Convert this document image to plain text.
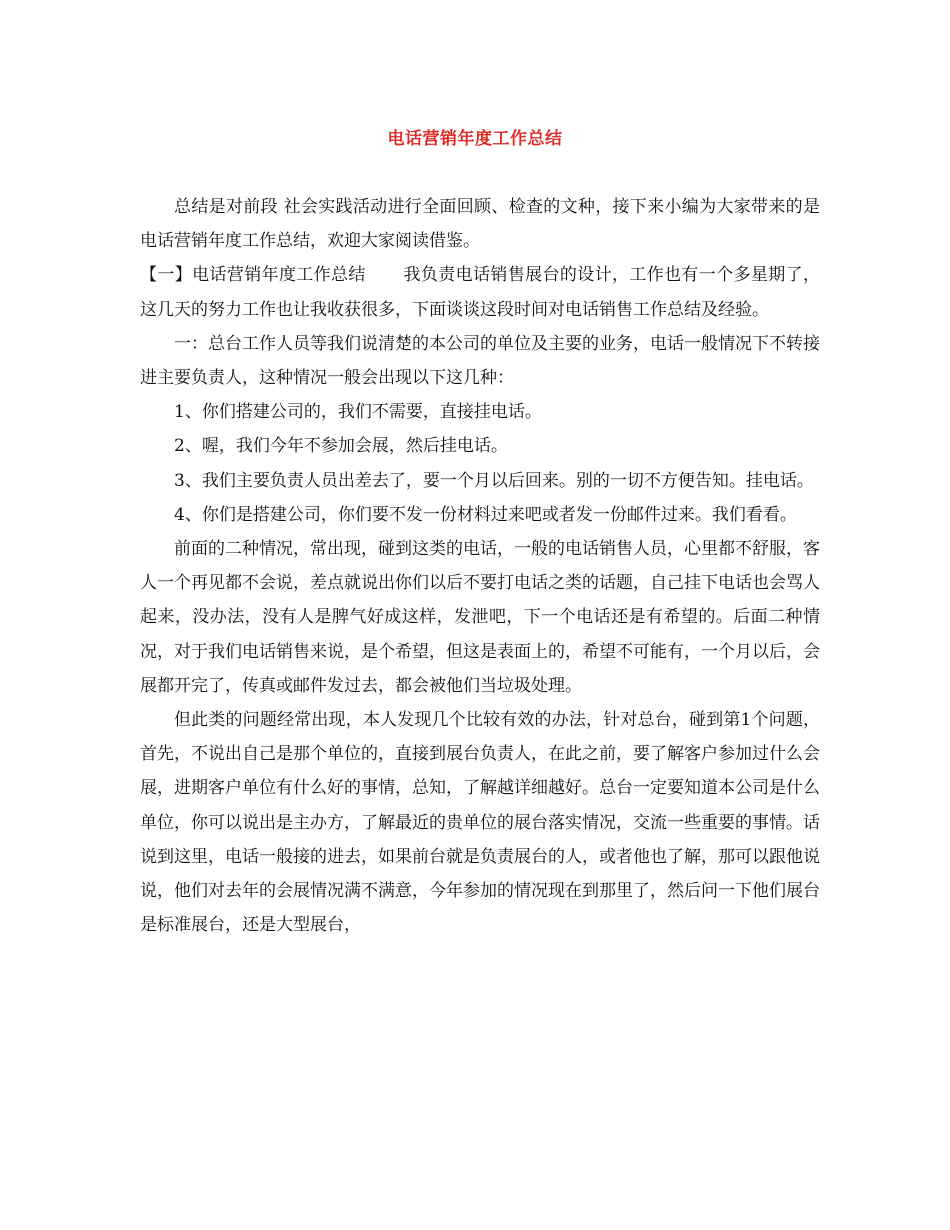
电话营销年度工作总结

总结是对前段 社会实践活动进行全面回顾、检查的文种，接下来小编为大家带来的是电话营销年度工作总结，欢迎大家阅读借鉴。

【一】电话营销年度工作总结 我负责电话销售展台的设计，工作也有一个多星期了，这几天的努力工作也让我收获很多，下面谈谈这段时间对电话销售工作总结及经验。

一：总台工作人员等我们说清楚的本公司的单位及主要的业务，电话一般情况下不转接进主要负责人，这种情况一般会出现以下这几种：

1、你们搭建公司的，我们不需要，直接挂电话。

2、喔，我们今年不参加会展，然后挂电话。

3、我们主要负责人员出差去了，要一个月以后回来。别的一切不方便告知。挂电话。

4、你们是搭建公司，你们要不发一份材料过来吧或者发一份邮件过来。我们看看。

前面的二种情况，常出现，碰到这类的电话，一般的电话销售人员，心里都不舒服，客人一个再见都不会说，差点就说出你们以后不要打电话之类的话题，自己挂下电话也会骂人起来，没办法，没有人是脾气好成这样，发泄吧，下一个电话还是有希望的。后面二种情况，对于我们电话销售来说，是个希望，但这是表面上的，希望不可能有，一个月以后，会展都开完了，传真或邮件发过去，都会被他们当垃圾处理。

但此类的问题经常出现，本人发现几个比较有效的办法，针对总台，碰到第1个问题，首先，不说出自己是那个单位的，直接到展台负责人，在此之前，要了解客户参加过什么会展，进期客户单位有什么好的事情，总知，了解越详细越好。总台一定要知道本公司是什么单位，你可以说出是主办方，了解最近的贵单位的展台落实情况，交流一些重要的事情。话说到这里，电话一般接的进去，如果前台就是负责展台的人，或者他也了解，那可以跟他说说，他们对去年的会展情况满不满意，今年参加的情况现在到那里了，然后问一下他们展台是标准展台，还是大型展台，
